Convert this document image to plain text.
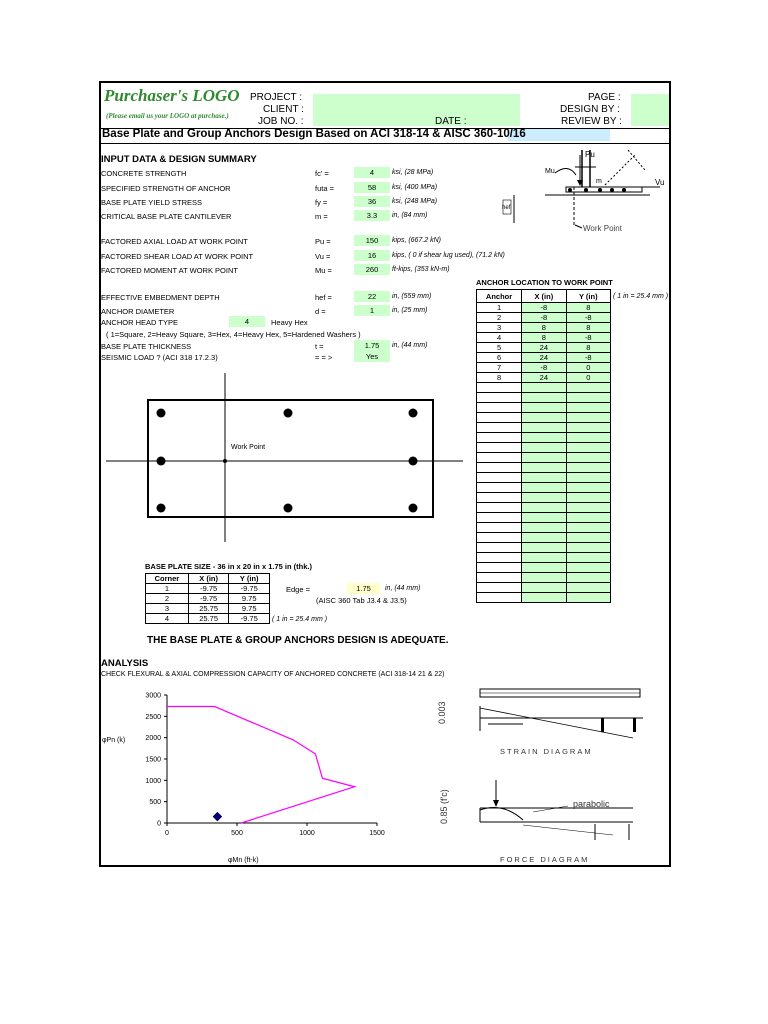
Purchaser's LOGO
(Please email us your LOGO at purchase.)
PROJECT :
CLIENT :
JOB NO. :	DATE :
PAGE :
DESIGN BY :
REVIEW BY :
Base Plate and Group Anchors Design Based on ACI 318-14 & AISC 360-10/16
INPUT DATA & DESIGN SUMMARY
CONCRETE STRENGTH	fc' =	4	ksi, (28 MPa)
SPECIFIED STRENGTH OF ANCHOR	futa =	58	ksi, (400 MPa)
BASE PLATE YIELD STRESS	fy =	36	ksi, (248 MPa)
CRITICAL BASE PLATE CANTILEVER	m =	3.3	in, (84 mm)
FACTORED AXIAL LOAD AT WORK POINT	Pu =	150	kips, (667.2 kN)
FACTORED SHEAR LOAD AT WORK POINT	Vu =	16	kips, ( 0 if shear lug used), (71.2 kN)
FACTORED MOMENT AT WORK POINT	Mu =	260	ft-kips, (353 kN-m)
EFFECTIVE EMBEDMENT DEPTH	hef =	22	in, (559 mm)
ANCHOR DIAMETER	d =	1	in, (25 mm)
ANCHOR HEAD TYPE	4	Heavy Hex
( 1=Square, 2=Heavy Square, 3=Hex, 4=Heavy Hex, 5=Hardened Washers )
BASE PLATE THICKNESS	t =	1.75	in, (44 mm)
SEISMIC LOAD ? (ACI 318 17.2.3)	= = >	Yes
Pu
Mu
m	Vu
hef
Work Point
ANCHOR LOCATION TO WORK POINT
Anchor	X (in)	Y (in)
1	-8	8
2	-8	-8
3	8	8
4	8	-8
5	24	8
6	24	-8
7	-8	0
8	24	0

( 1 in = 25.4 mm )
Work Point
BASE PLATE SIZE - 36 in x 20 in x 1.75 in (thk.)
Corner	X (in)	Y (in)
1	-9.75	-9.75
2	-9.75	9.75
3	25.75	9.75
4	25.75	-9.75
Edge =	1.75	in, (44 mm)
(AISC 360 Tab J3.4 & J3.5)
( 1 in = 25.4 mm )
THE BASE PLATE & GROUP ANCHORS DESIGN IS ADEQUATE.
ANALYSIS
CHECK FLEXURAL & AXIAL COMPRESSION CAPACITY OF ANCHORED CONCRETE (ACI 318-14 21 & 22)
0
500
1000
1500
2000
2500
3000
0	500	1000	1500
φPn (k)
φMn (ft-k)
0.003
STRAIN DIAGRAM
0.85 (f'c)	parabolic
FORCE DIAGRAM
